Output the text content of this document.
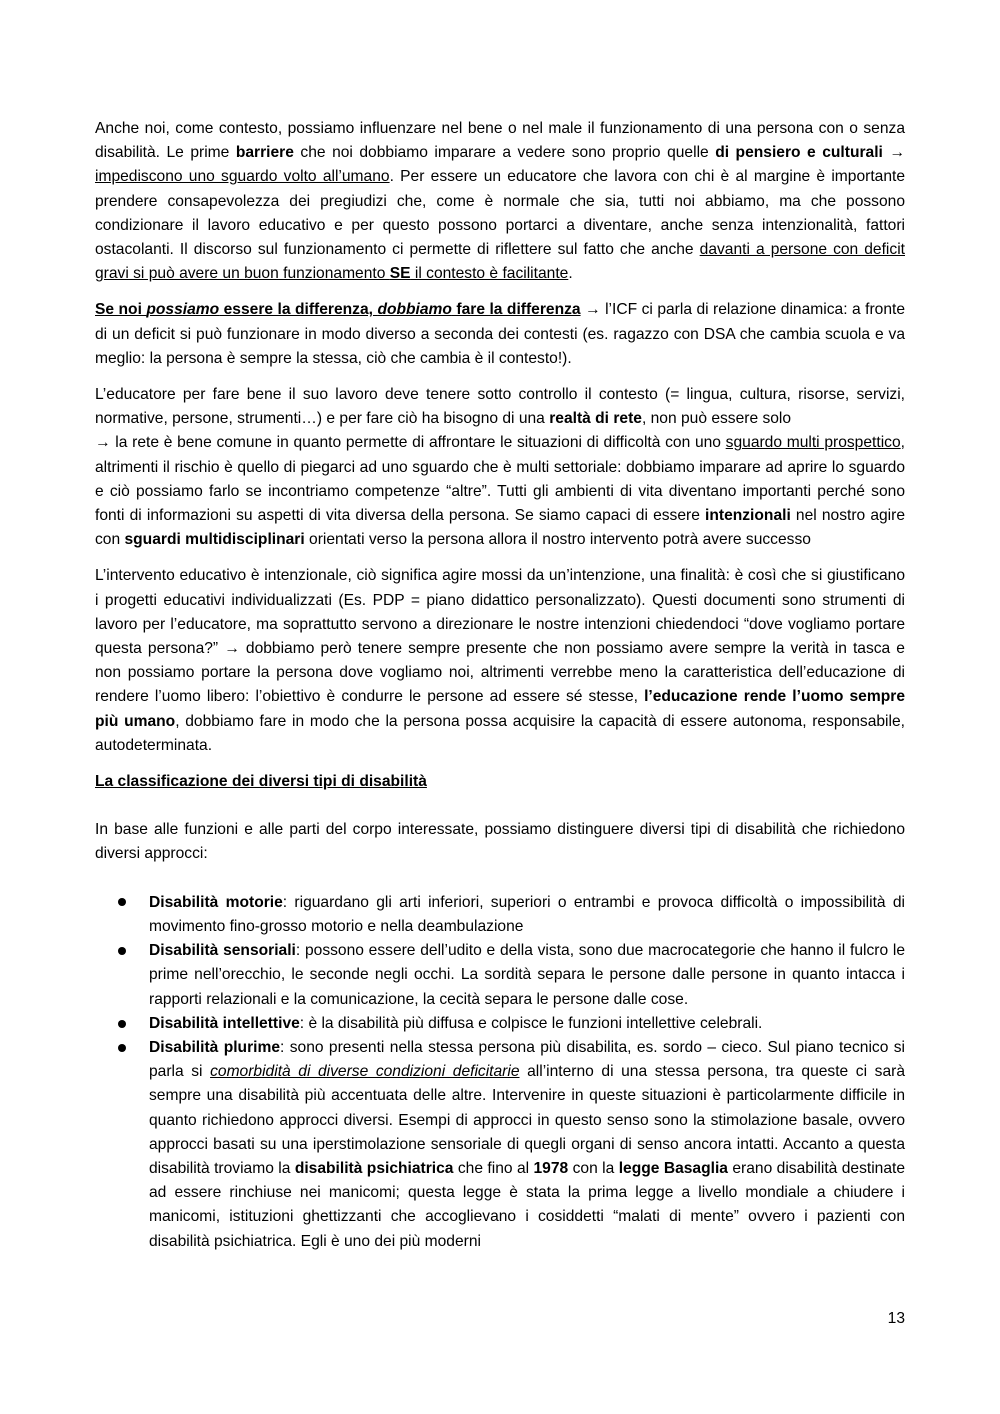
Anche noi, come contesto, possiamo influenzare nel bene o nel male il funzionamento di una persona con o senza disabilità. Le prime barriere che noi dobbiamo imparare a vedere sono proprio quelle di pensiero e culturali → impediscono uno sguardo volto all’umano. Per essere un educatore che lavora con chi è al margine è importante prendere consapevolezza dei pregiudizi che, come è normale che sia, tutti noi abbiamo, ma che possono condizionare il lavoro educativo e per questo possono portarci a diventare, anche senza intenzionalità, fattori ostacolanti. Il discorso sul funzionamento ci permette di riflettere sul fatto che anche davanti a persone con deficit gravi si può avere un buon funzionamento SE il contesto è facilitante.

Se noi possiamo essere la differenza, dobbiamo fare la differenza → l’ICF ci parla di relazione dinamica: a fronte di un deficit si può funzionare in modo diverso a seconda dei contesti (es. ragazzo con DSA che cambia scuola e va meglio: la persona è sempre la stessa, ciò che cambia è il contesto!).

L’educatore per fare bene il suo lavoro deve tenere sotto controllo il contesto (= lingua, cultura, risorse, servizi, normative, persone, strumenti…) e per fare ciò ha bisogno di una realtà di rete, non può essere solo
→ la rete è bene comune in quanto permette di affrontare le situazioni di difficoltà con uno sguardo multi prospettico, altrimenti il rischio è quello di piegarci ad uno sguardo che è multi settoriale: dobbiamo imparare ad aprire lo sguardo e ciò possiamo farlo se incontriamo competenze “altre”. Tutti gli ambienti di vita diventano importanti perché sono fonti di informazioni su aspetti di vita diversa della persona. Se siamo capaci di essere intenzionali nel nostro agire con sguardi multidisciplinari orientati verso la persona allora il nostro intervento potrà avere successo

L’intervento educativo è intenzionale, ciò significa agire mossi da un’intenzione, una finalità: è così che si giustificano i progetti educativi individualizzati (Es. PDP = piano didattico personalizzato). Questi documenti sono strumenti di lavoro per l’educatore, ma soprattutto servono a direzionare le nostre intenzioni chiedendoci “dove vogliamo portare questa persona?” → dobbiamo però tenere sempre presente che non possiamo avere sempre la verità in tasca e non possiamo portare la persona dove vogliamo noi, altrimenti verrebbe meno la caratteristica dell’educazione di rendere l’uomo libero: l’obiettivo è condurre le persone ad essere sé stesse, l’educazione rende l’uomo sempre più umano, dobbiamo fare in modo che la persona possa acquisire la capacità di essere autonoma, responsabile, autodeterminata.

La classificazione dei diversi tipi di disabilità

In base alle funzioni e alle parti del corpo interessate, possiamo distinguere diversi tipi di disabilità che richiedono diversi approcci:

Disabilità motorie: riguardano gli arti inferiori, superiori o entrambi e provoca difficoltà o impossibilità di movimento fino-grosso motorio e nella deambulazione
Disabilità sensoriali: possono essere dell’udito e della vista, sono due macrocategorie che hanno il fulcro le prime nell’orecchio, le seconde negli occhi. La sordità separa le persone dalle persone in quanto intacca i rapporti relazionali e la comunicazione, la cecità separa le persone dalle cose.
Disabilità intellettive: è la disabilità più diffusa e colpisce le funzioni intellettive celebrali.
Disabilità plurime: sono presenti nella stessa persona più disabilita, es. sordo – cieco. Sul piano tecnico si parla si comorbidità di diverse condizioni deficitarie all’interno di una stessa persona, tra queste ci sarà sempre una disabilità più accentuata delle altre. Intervenire in queste situazioni è particolarmente difficile in quanto richiedono approcci diversi. Esempi di approcci in questo senso sono la stimolazione basale, ovvero approcci basati su una iperstimolazione sensoriale di quegli organi di senso ancora intatti. Accanto a questa disabilità troviamo la disabilità psichiatrica che fino al 1978 con la legge Basaglia erano disabilità destinate ad essere rinchiuse nei manicomi; questa legge è stata la prima legge a livello mondiale a chiudere i manicomi, istituzioni ghettizzanti che accoglievano i cosiddetti “malati di mente” ovvero i pazienti con disabilità psichiatrica. Egli è uno dei più moderni
13
